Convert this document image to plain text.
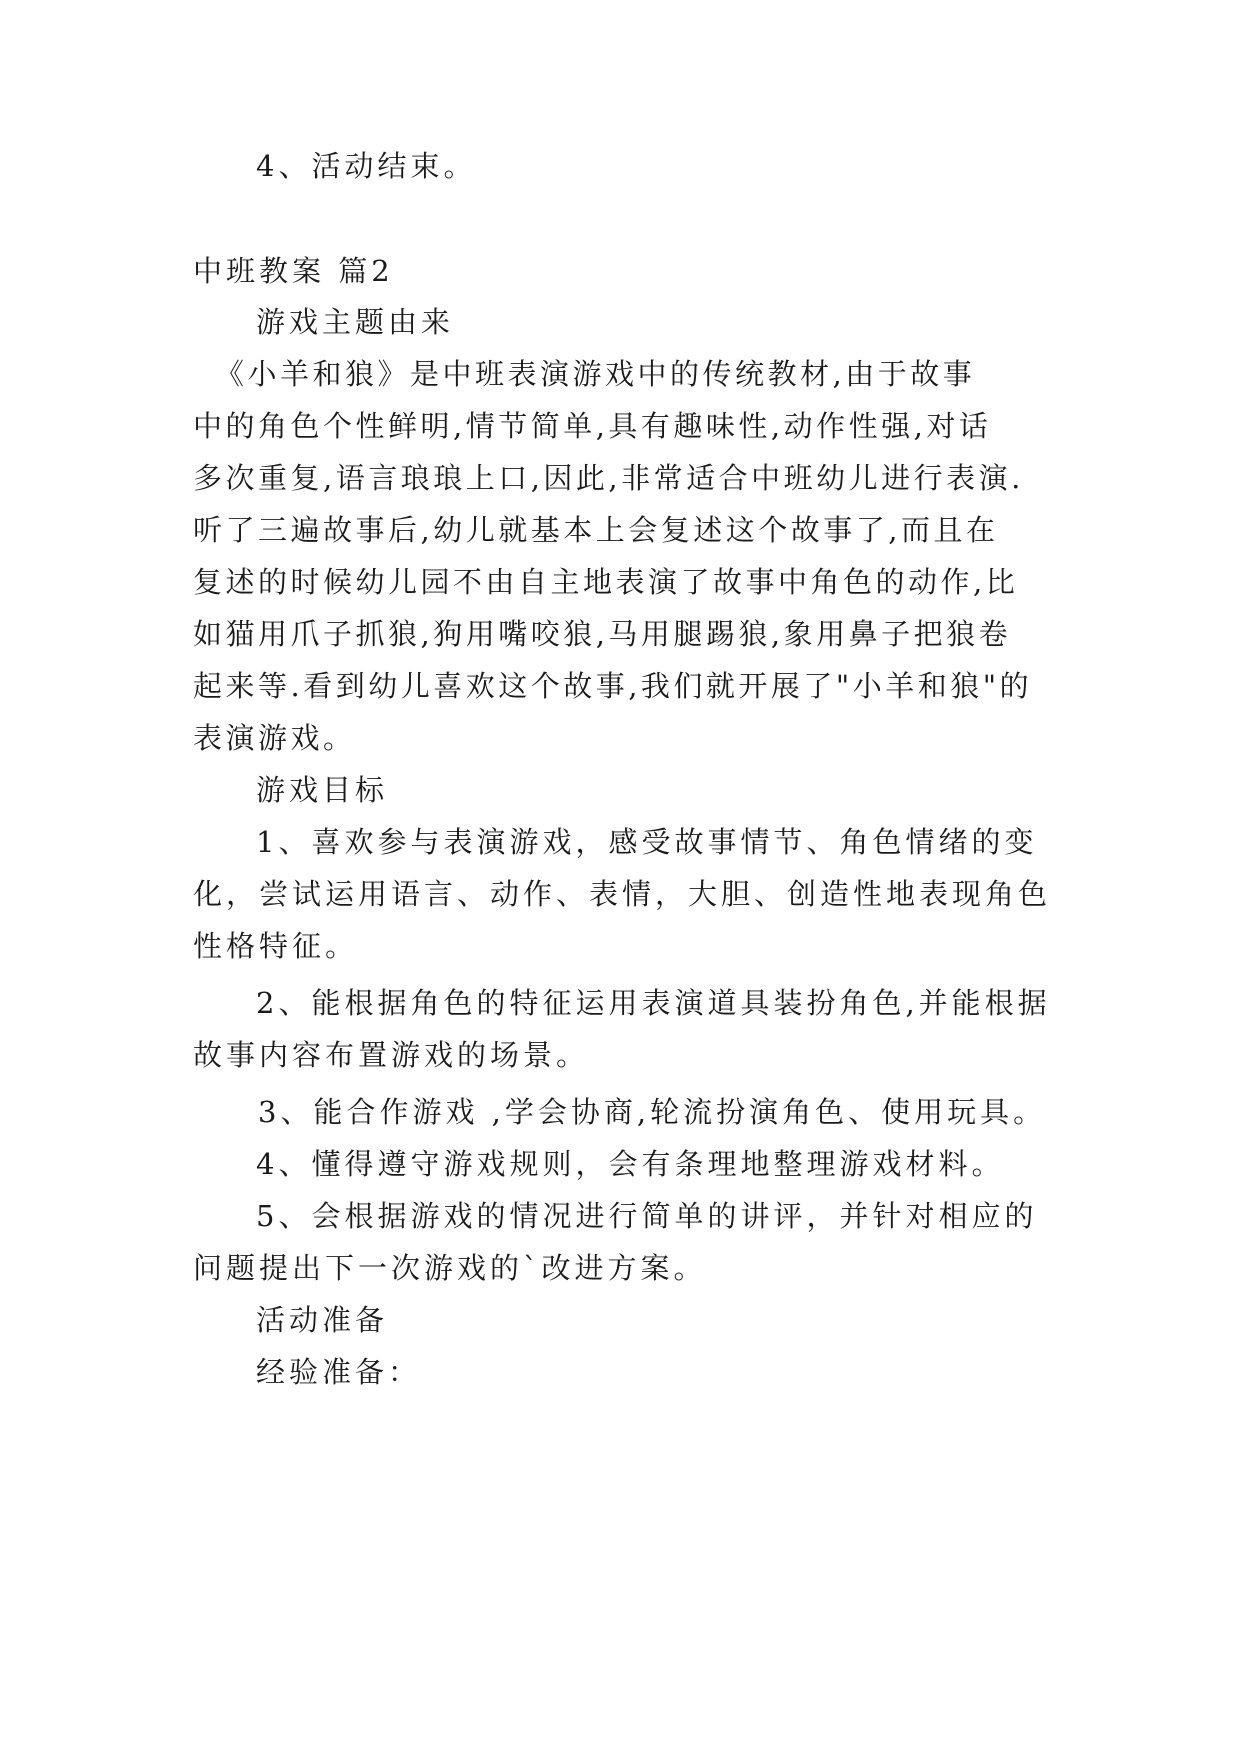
4、活动结束。
中班教案 篇2
游戏主题由来
《小羊和狼》是中班表演游戏中的传统教材,由于故事
中的角色个性鲜明,情节简单,具有趣味性,动作性强,对话
多次重复,语言琅琅上口,因此,非常适合中班幼儿进行表演.
听了三遍故事后,幼儿就基本上会复述这个故事了,而且在
复述的时候幼儿园不由自主地表演了故事中角色的动作,比
如猫用爪子抓狼,狗用嘴咬狼,马用腿踢狼,象用鼻子把狼卷
起来等.看到幼儿喜欢这个故事,我们就开展了"小羊和狼"的
表演游戏。
游戏目标
1、喜欢参与表演游戏，感受故事情节、角色情绪的变
化，尝试运用语言、动作、表情，大胆、创造性地表现角色
性格特征。
2、能根据角色的特征运用表演道具装扮角色,并能根据
故事内容布置游戏的场景。
3、能合作游戏 ,学会协商,轮流扮演角色、使用玩具。
4、懂得遵守游戏规则，会有条理地整理游戏材料。
5、会根据游戏的情况进行简单的讲评，并针对相应的
问题提出下一次游戏的`改进方案。
活动准备
经验准备：
